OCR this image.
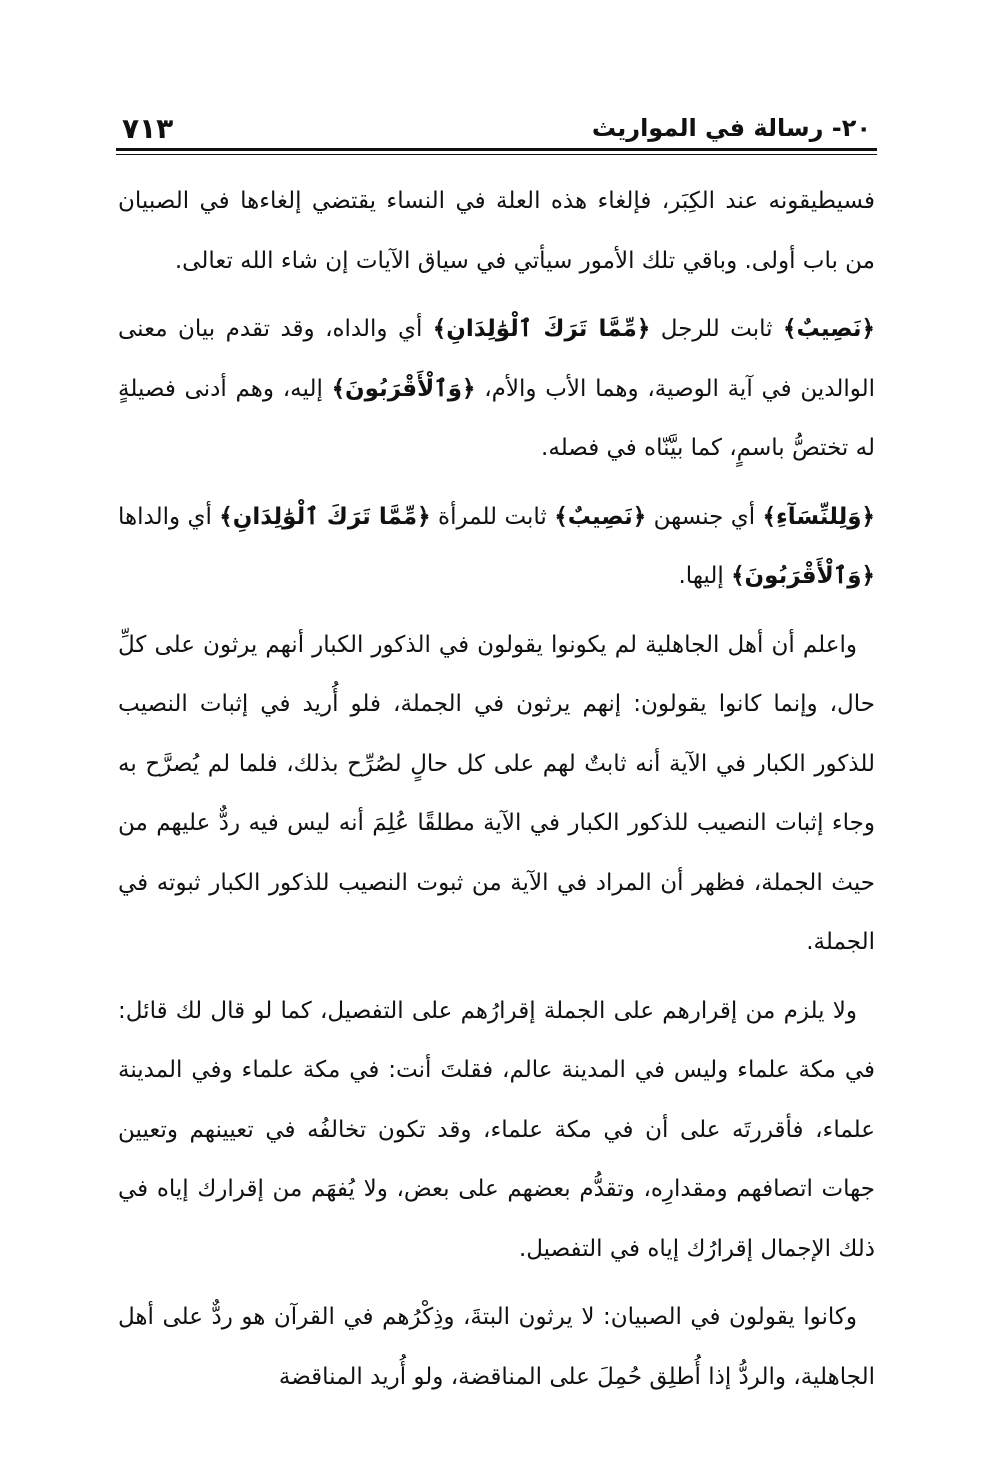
٢٠- رسالة في المواريث
٧١٣

فسيطيقونه عند الكِبَر، فإلغاء هذه العلة في النساء يقتضي إلغاءها في الصبيان من باب أولى. وباقي تلك الأمور سيأتي في سياق الآيات إن شاء الله تعالى.

﴿نَصِيبٌ﴾ ثابت للرجل ﴿مِّمَّا تَرَكَ ٱلْوَٰلِدَانِ﴾ أي والداه، وقد تقدم بيان معنى الوالدين في آية الوصية، وهما الأب والأم، ﴿وَٱلْأَقْرَبُونَ﴾ إليه، وهم أدنى فصيلةٍ له تختصُّ باسمٍ، كما بيَّنّاه في فصله.

﴿وَلِلنِّسَآءِ﴾ أي جنسهن ﴿نَصِيبٌ﴾ ثابت للمرأة ﴿مِّمَّا تَرَكَ ٱلْوَٰلِدَانِ﴾ أي والداها ﴿وَٱلْأَقْرَبُونَ﴾ إليها.

واعلم أن أهل الجاهلية لم يكونوا يقولون في الذكور الكبار أنهم يرثون على كلِّ حال، وإنما كانوا يقولون: إنهم يرثون في الجملة، فلو أُريد في إثبات النصيب للذكور الكبار في الآية أنه ثابتٌ لهم على كل حالٍ لصُرِّح بذلك، فلما لم يُصرَّح به وجاء إثبات النصيب للذكور الكبار في الآية مطلقًا عُلِمَ أنه ليس فيه ردٌّ عليهم من حيث الجملة، فظهر أن المراد في الآية من ثبوت النصيب للذكور الكبار ثبوته في الجملة.

ولا يلزم من إقرارهم على الجملة إقرارُهم على التفصيل، كما لو قال لك قائل: في مكة علماء وليس في المدينة عالم، فقلتَ أنت: في مكة علماء وفي المدينة علماء، فأقررتَه على أن في مكة علماء، وقد تكون تخالفُه في تعيينهم وتعيين جهات اتصافهم ومقدارِه، وتقدُّم بعضهم على بعض، ولا يُفهَم من إقرارك إياه في ذلك الإجمال إقرارُك إياه في التفصيل.

وكانوا يقولون في الصبيان: لا يرثون البتةَ، وذِكْرُهم في القرآن هو ردٌّ على أهل الجاهلية، والردُّ إذا أُطلِق حُمِلَ على المناقضة، ولو أُريد المناقضة
